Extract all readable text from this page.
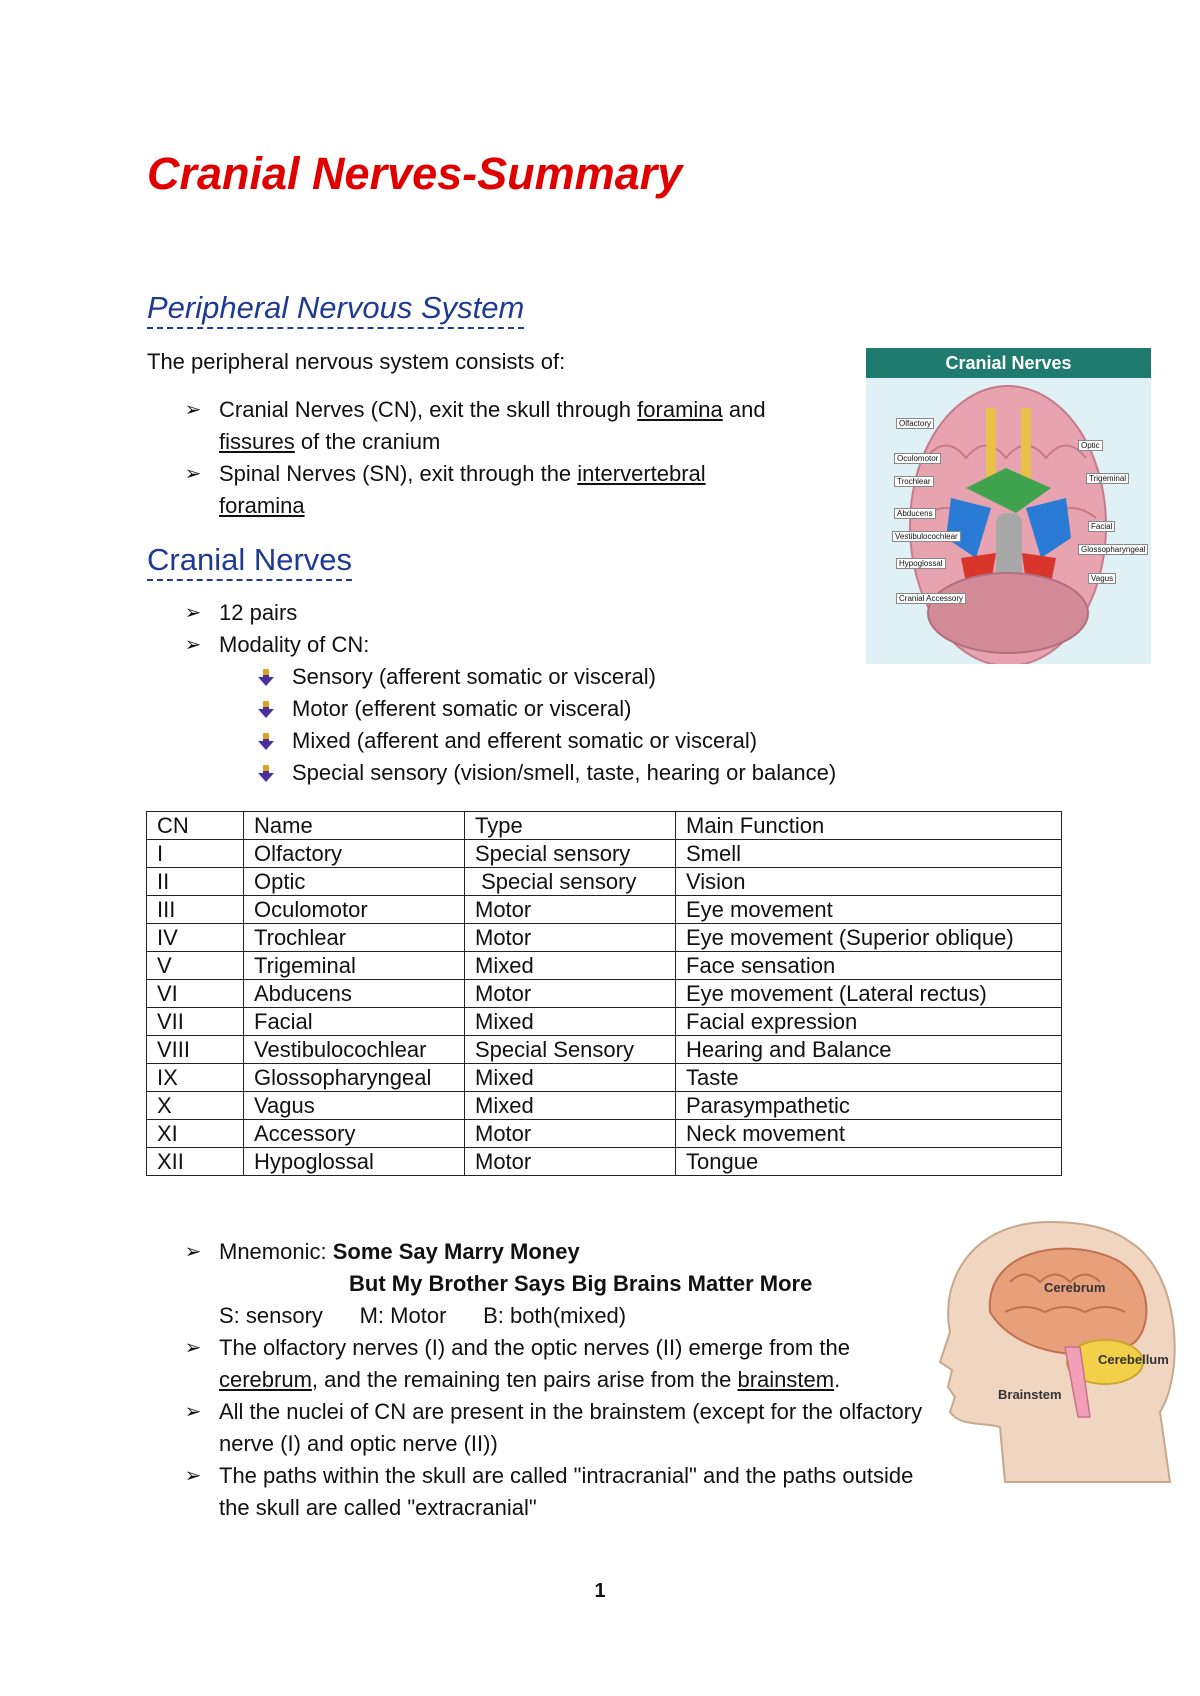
Cranial Nerves-Summary
Peripheral Nervous System
The peripheral nervous system consists of:
➢ Cranial Nerves (CN), exit the skull through foramina and
fissures of the cranium
➢ Spinal Nerves (SN), exit through the intervertebral
foramina
Cranial Nerves
➢ 12 pairs
➢ Modality of CN:
Sensory (afferent somatic or visceral)
Motor (efferent somatic or visceral)
Mixed (afferent and efferent somatic or visceral)
Special sensory (vision/smell, taste, hearing or balance)
CN	Name	Type	Main Function
I	Olfactory	Special sensory	Smell
II	Optic	Special sensory	Vision
III	Oculomotor	Motor	Eye movement
IV	Trochlear	Motor	Eye movement (Superior oblique)
V	Trigeminal	Mixed	Face sensation
VI	Abducens	Motor	Eye movement (Lateral rectus)
VII	Facial	Mixed	Facial expression
VIII	Vestibulocochlear	Special Sensory	Hearing and Balance
IX	Glossopharyngeal	Mixed	Taste
X	Vagus	Mixed	Parasympathetic
XI	Accessory	Motor	Neck movement
XII	Hypoglossal	Motor	Tongue
➢ Mnemonic: Some Say Marry Money
But My Brother Says Big Brains Matter More
S: sensory      M: Motor      B: both(mixed)
➢ The olfactory nerves (I) and the optic nerves (II) emerge from the cerebrum, and the remaining ten pairs arise from the brainstem.
➢ All the nuclei of CN are present in the brainstem (except for the olfactory nerve (I) and optic nerve (II))
➢ The paths within the skull are called "intracranial" and the paths outside the skull are called "extracranial"
Cranial Nerves
Olfactory
Oculomotor
Trochlear
Abducens
Vestibulocochlear
Hypoglossal
Cranial Accessory
Optic
Trigeminal
Facial
Glossopharyngeal
Vagus
Cerebrum
Cerebellum
Brainstem
1
